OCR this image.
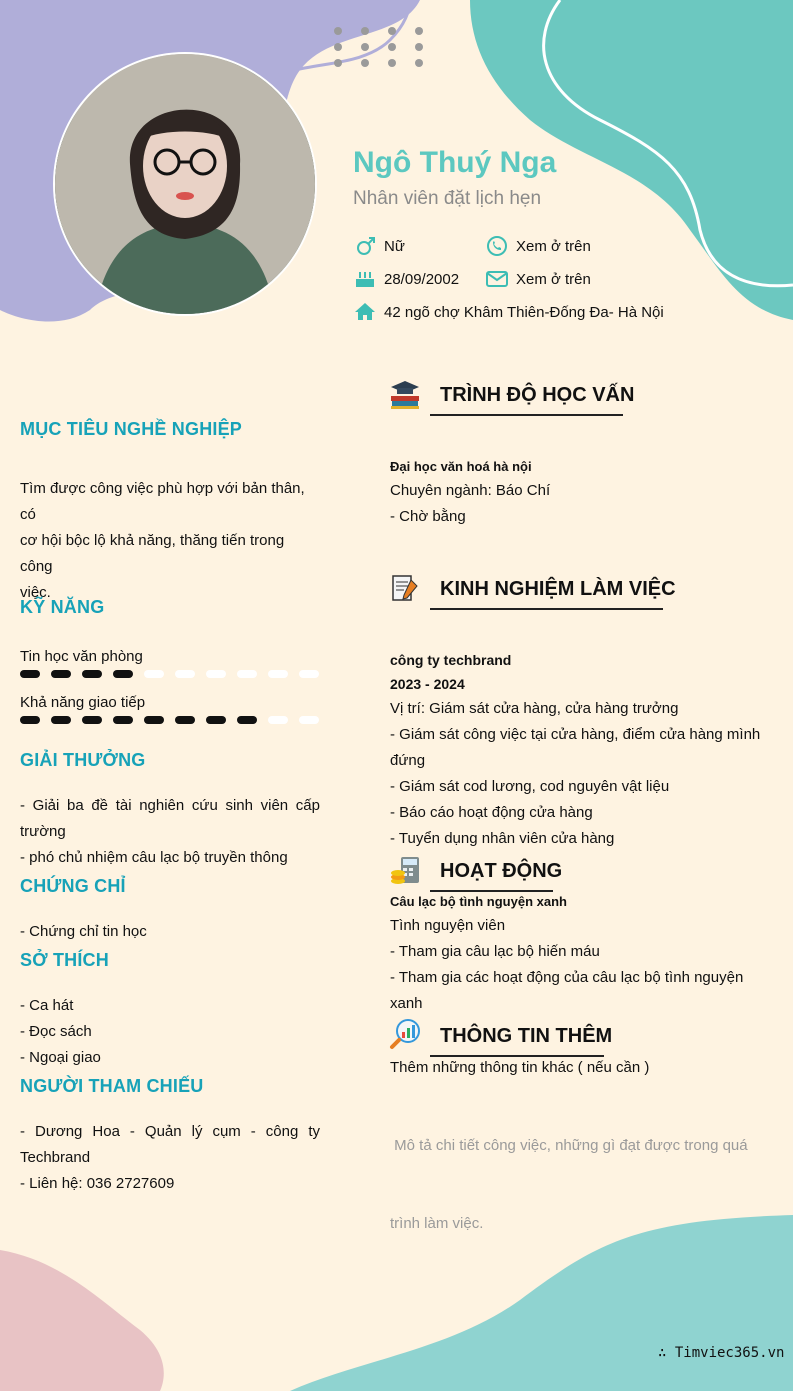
Ngô Thuý Nga
Nhân viên đặt lịch hẹn
Nữ	Xem ở trên
28/09/2002	Xem ở trên
42 ngõ chợ Khâm Thiên-Đống Đa- Hà Nội
MỤC TIÊU NGHỀ NGHIỆP
Tìm được công việc phù hợp với bản thân, có
cơ hội bộc lộ khả năng, thăng tiến trong công
việc.
KỸ NĂNG
Tin học văn phòng
Khả năng giao tiếp
GIẢI THƯỞNG
- Giải ba đề tài nghiên cứu sinh viên cấp
trường
- phó chủ nhiệm câu lạc bộ truyền thông
CHỨNG CHỈ
- Chứng chỉ tin học
SỞ THÍCH
- Ca hát
- Đọc sách
- Ngoại giao
NGƯỜI THAM CHIẾU
- Dương Hoa - Quản lý cụm - công ty
Techbrand
- Liên hệ: 036 2727609
TRÌNH ĐỘ HỌC VẤN
Đại học văn hoá hà nội
Chuyên ngành: Báo Chí
- Chờ bằng
KINH NGHIỆM LÀM VIỆC
công ty techbrand
2023 - 2024
Vị trí: Giám sát cửa hàng, cửa hàng trưởng
- Giám sát công việc tại cửa hàng, điểm cửa hàng mình
đứng
- Giám sát cod lương, cod nguyên vật liệu
- Báo cáo hoạt động cửa hàng
- Tuyển dụng nhân viên cửa hàng
HOẠT ĐỘNG
Câu lạc bộ tình nguyện xanh
Tình nguyện viên
- Tham gia câu lạc bộ hiến máu
- Tham gia các hoạt động của câu lạc bộ tình nguyện
xanh
THÔNG TIN THÊM
Thêm những thông tin khác ( nếu cần )

Mô tả chi tiết công việc, những gì đạt được trong quá

trình làm việc.

∴ Timviec365.vn
